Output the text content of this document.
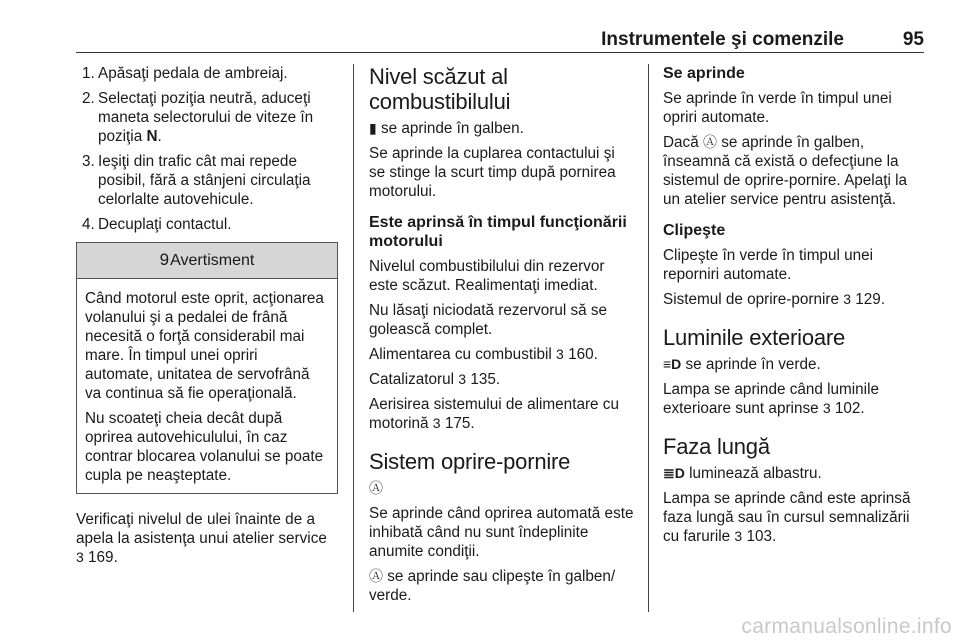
Instrumentele şi comenzile	95
1. Apăsaţi pedala de ambreiaj.
2. Selectaţi poziţia neutră, aduceţi maneta selectorului de viteze în poziţia N.
3. Ieşiţi din trafic cât mai repede posibil, fără a stânjeni circulaţia celorlalte autovehicule.
4. Decuplaţi contactul.
9Avertisment

Când motorul este oprit, acţionarea volanului şi a pedalei de frână necesită o forţă considerabil mai mare. În timpul unei opriri automate, unitatea de servofrână va continua să fie operaţională.

Nu scoateţi cheia decât după oprirea autovehiculului, în caz contrar blocarea volanului se poate cupla pe neaşteptate.

Verificaţi nivelul de ulei înainte de a apela la asistenţa unui atelier service 3 169.

Nivel scăzut al combustibilului

▮ se aprinde în galben.

Se aprinde la cuplarea contactului şi se stinge la scurt timp după pornirea motorului.

Este aprinsă în timpul funcţionării motorului

Nivelul combustibilului din rezervor este scăzut. Realimentaţi imediat.

Nu lăsaţi niciodată rezervorul să se golească complet.

Alimentarea cu combustibil 3 160.

Catalizatorul 3 135.

Aerisirea sistemului de alimentare cu motorină 3 175.

Sistem oprire-pornire

Ⓐ

Se aprinde când oprirea automată este inhibată când nu sunt îndeplinite anumite condiţii.

Ⓐ se aprinde sau clipeşte în galben/ verde.

Se aprinde

Se aprinde în verde în timpul unei opriri automate.

Dacă Ⓐ se aprinde în galben, înseamnă că există o defecţiune la sistemul de oprire-pornire. Apelaţi la un atelier service pentru asistenţă.

Clipeşte

Clipeşte în verde în timpul unei reporniri automate.

Sistemul de oprire-pornire 3 129.

Luminile exterioare

≡D se aprinde în verde.

Lampa se aprinde când luminile exterioare sunt aprinse 3 102.

Faza lungă

≣D luminează albastru.

Lampa se aprinde când este aprinsă faza lungă sau în cursul semnalizării cu farurile 3 103.

carmanualsonline.info
